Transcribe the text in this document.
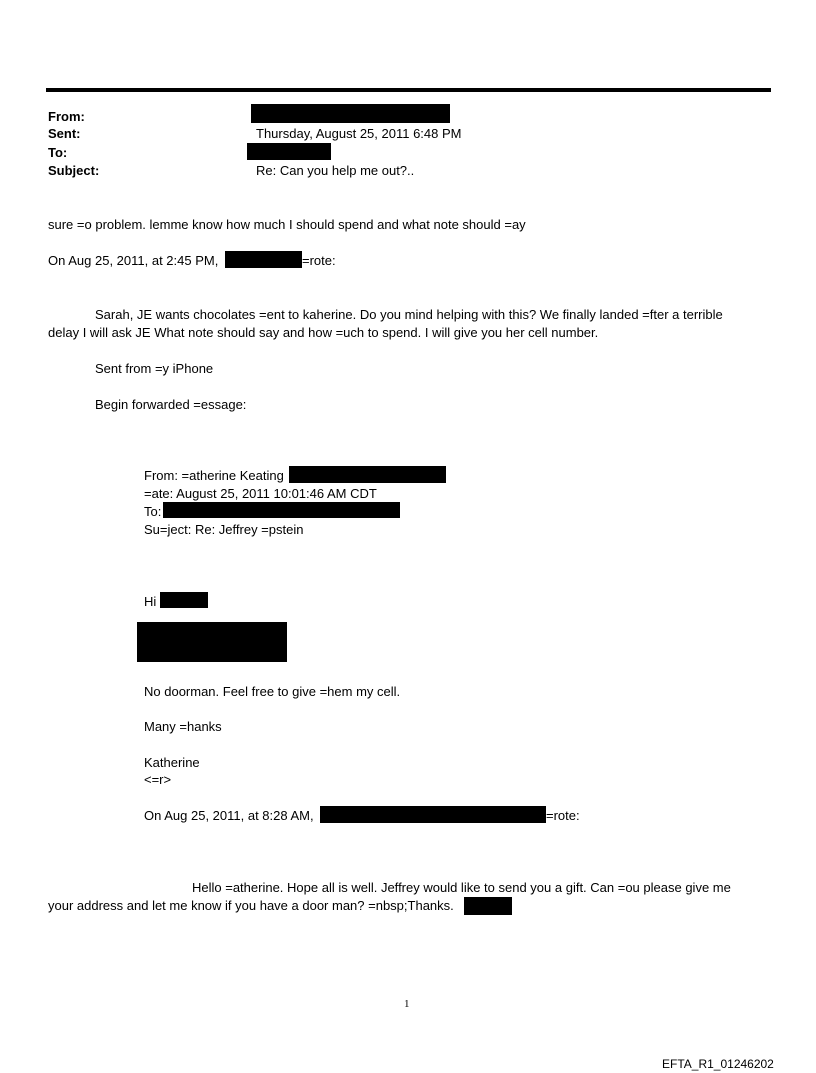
From:
Sent:	Thursday, August 25, 2011 6:48 PM
To:
Subject:	Re: Can you help me out?..
sure =o problem. lemme know how much I should spend and what note should =ay
On Aug 25, 2011, at 2:45 PM,	=rote:
Sarah, JE wants chocolates =ent to kaherine. Do you mind helping with this? We finally landed =fter a terrible
delay I will ask JE What note should say and how =uch to spend. I will give you her cell number.
Sent from =y iPhone
Begin forwarded =essage:
From: =atherine Keating
=ate: August 25, 2011 10:01:46 AM CDT
To:
Su=ject: Re: Jeffrey =pstein
Hi
No doorman. Feel free to give =hem my cell.
Many =hanks
Katherine
<=r>
On Aug 25, 2011, at 8:28 AM,	=rote:
Hello =atherine. Hope all is well. Jeffrey would like to send you a gift. Can =ou please give me
your address and let me know if you have a door man? =nbsp;Thanks.
1
EFTA_R1_01246202
